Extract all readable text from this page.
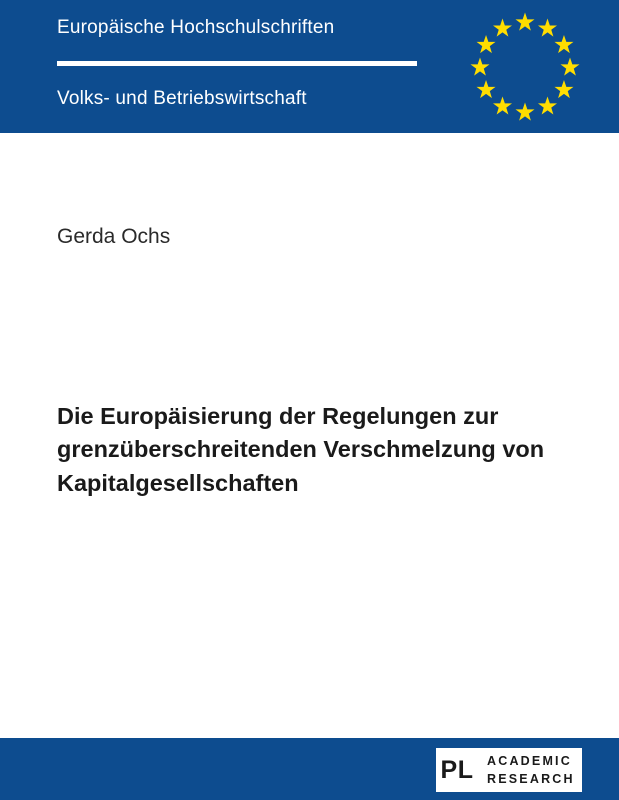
Europäische Hochschulschriften
Volks- und Betriebswirtschaft
Gerda Ochs
Die Europäisierung der Regelungen zur grenzüberschreitenden Verschmelzung von Kapitalgesellschaften
PL	ACADEMIC
RESEARCH
